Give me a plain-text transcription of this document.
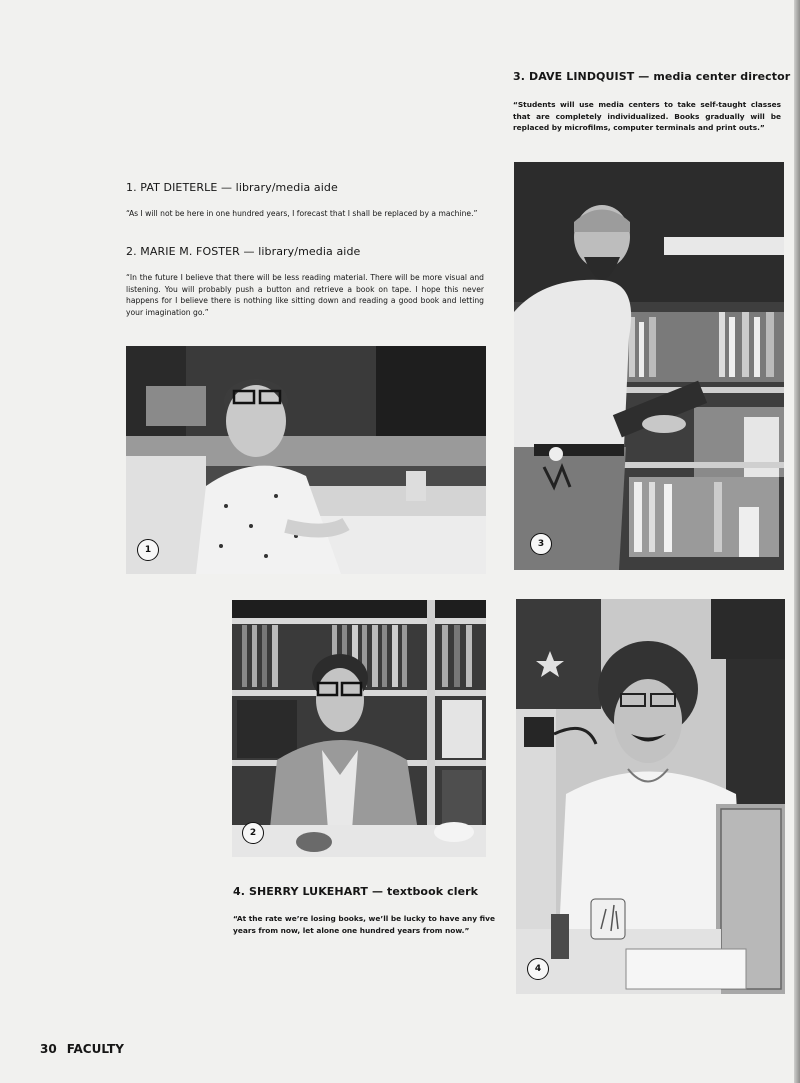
3. DAVE LINDQUIST — media center director
“Students will use media centers to take self-taught classes that are completely individualized. Books gradually will be replaced by microfilms, computer terminals and print outs.”
1. PAT DIETERLE — library/media aide
“As I will not be here in one hundred years, I forecast that I shall be replaced by a machine.”
2. MARIE M. FOSTER — library/media aide
“In the future I believe that there will be less reading material. There will be more visual and listening. You will probably push a button and retrieve a book on tape. I hope this never happens for I believe there is nothing like sitting down and reading a good book and letting your imagination go.”
1
3
2
4
4. SHERRY LUKEHART — textbook clerk
“At the rate we’re losing books, we’ll be lucky to have any five years from now, let alone one hundred years from now.”
30 FACULTY
